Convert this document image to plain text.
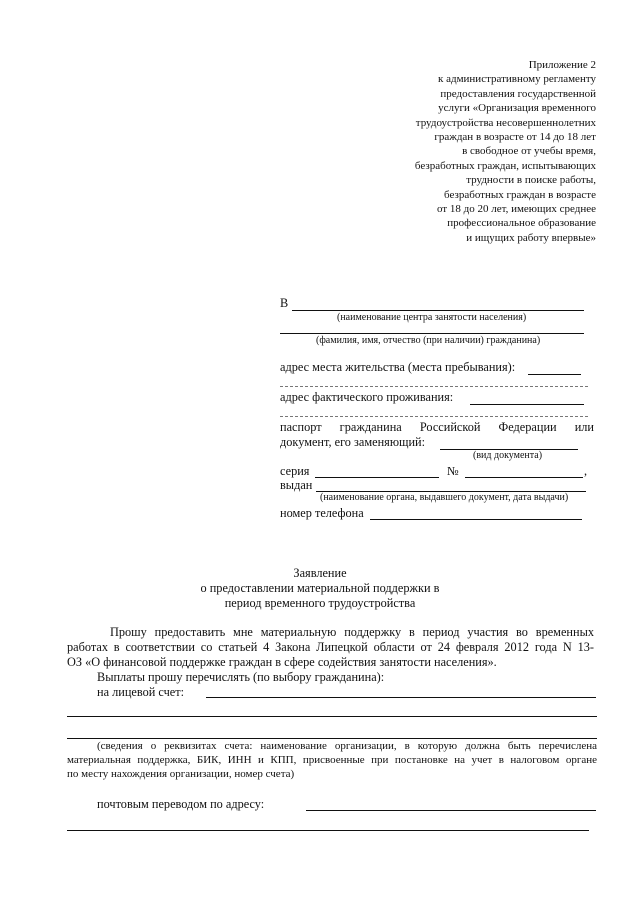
Приложение 2
к административному регламенту
предоставления государственной
услуги «Организация временного
трудоустройства несовершеннолетних
граждан в возрасте от 14 до 18 лет
в свободное от учебы время,
безработных граждан, испытывающих
трудности в поиске работы,
безработных граждан в возрасте
от 18 до 20 лет, имеющих среднее
профессиональное образование
и ищущих работу впервые»
В
(наименование центра занятости населения)
(фамилия, имя, отчество (при наличии) гражданина)
адрес места жительства (места пребывания):
адрес фактического проживания:
паспорт гражданина Российской Федерации или
документ, его заменяющий:
(вид документа)
серия	№	,
выдан
(наименование органа, выдавшего документ, дата выдачи)
номер телефона
Заявление
о предоставлении материальной поддержки в
период временного трудоустройства
Прошу предоставить мне материальную поддержку в период участия во временных
работах в соответствии со статьей 4 Закона Липецкой области от 24 февраля 2012 года N 13-
ОЗ «О финансовой поддержке граждан в сфере содействия занятости населения».
Выплаты прошу перечислять (по выбору гражданина):
на лицевой счет:
(сведения о реквизитах счета: наименование организации, в которую должна быть перечислена
материальная поддержка, БИК, ИНН и КПП, присвоенные при постановке на учет в налоговом органе
по месту нахождения организации, номер счета)
почтовым переводом по адресу:
